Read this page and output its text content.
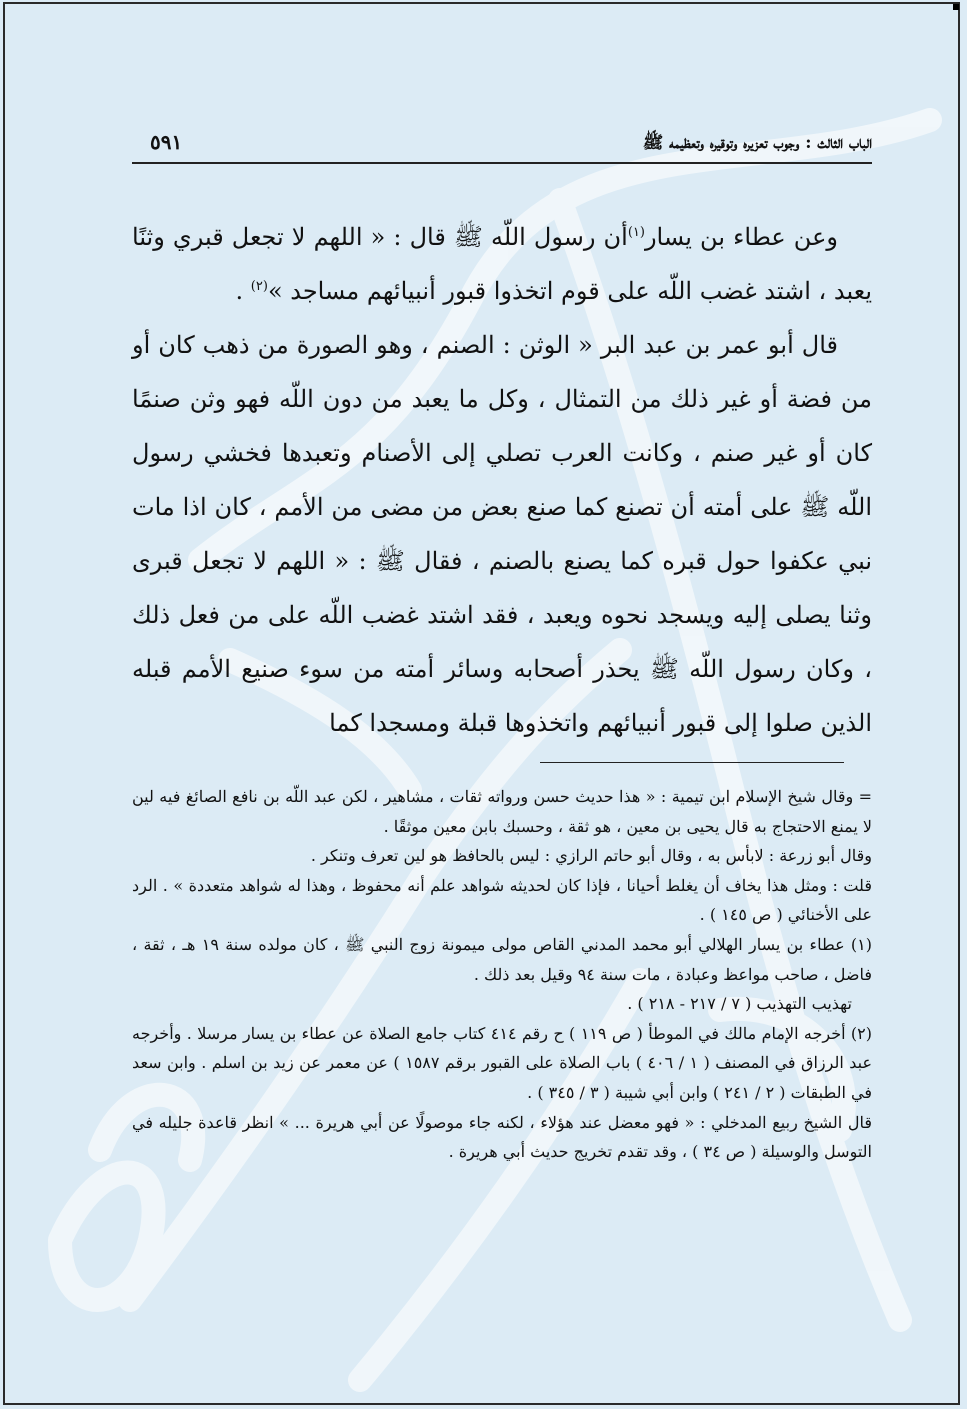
الباب الثالث : وجوب تعزيره وتوقيره وتعظيمه ﷺ
٥٩١

وعن عطاء بن يسار$^{(١)}$أن رسول اللّه ﷺ قال : « اللهم لا تجعل قبري وثنًا يعبد ، اشتد غضب اللّه على قوم اتخذوا قبور أنبيائهم مساجد »$^{(٢)}$ .

قال أبو عمر بن عبد البر « الوثن : الصنم ، وهو الصورة من ذهب كان أو من فضة أو غير ذلك من التمثال ، وكل ما يعبد من دون اللّه فهو وثن صنمًا كان أو غير صنم ، وكانت العرب تصلي إلى الأصنام وتعبدها فخشي رسول اللّه ﷺ على أمته أن تصنع كما صنع بعض من مضى من الأمم ، كان اذا مات نبي عكفوا حول قبره كما يصنع بالصنم ، فقال ﷺ : « اللهم لا تجعل قبرى وثنا يصلى إليه ويسجد نحوه ويعبد ، فقد اشتد غضب اللّه على من فعل ذلك ، وكان رسول اللّه ﷺ يحذر أصحابه وسائر أمته من سوء صنيع الأمم قبله الذين صلوا إلى قبور أنبيائهم واتخذوها قبلة ومسجدا كما

= وقال شيخ الإسلام ابن تيمية : « هذا حديث حسن ورواته ثقات ، مشاهير ، لكن عبد اللّه بن نافع الصائغ فيه لين لا يمنع الاحتجاج به قال يحيى بن معين ، هو ثقة ، وحسبك بابن معين موثقًا .

وقال أبو زرعة : لابأس به ، وقال أبو حاتم الرازي : ليس بالحافظ هو لين تعرف وتنكر .

قلت : ومثل هذا يخاف أن يغلط أحيانا ، فإذا كان لحديثه شواهد علم أنه محفوظ ، وهذا له شواهد متعددة » . الرد على الأخنائي ( ص ١٤٥ ) .

(١) عطاء بن يسار الهلالي أبو محمد المدني القاص مولى ميمونة زوج النبي ﷺ ، كان مولده سنة ١٩ هـ ، ثقة ، فاضل ، صاحب مواعظ وعبادة ، مات سنة ٩٤ وقيل بعد ذلك .

تهذيب التهذيب ( ٧ / ٢١٧ - ٢١٨ ) .

(٢) أخرجه الإمام مالك في الموطأ ( ص ١١٩ ) ح رقم ٤١٤ كتاب جامع الصلاة عن عطاء بن يسار مرسلا . وأخرجه عبد الرزاق في المصنف ( ١ / ٤٠٦ ) باب الصلاة على القبور برقم ١٥٨٧ ) عن معمر عن زيد بن اسلم . وابن سعد في الطبقات ( ٢ / ٢٤١ ) وابن أبي شيبة ( ٣ / ٣٤٥ ) .

قال الشيخ ربيع المدخلي : « فهو معضل عند هؤلاء ، لكنه جاء موصولًا عن أبي هريرة ... » انظر قاعدة جليله في التوسل والوسيلة ( ص ٣٤ ) ، وقد تقدم تخريج حديث أبي هريرة .
